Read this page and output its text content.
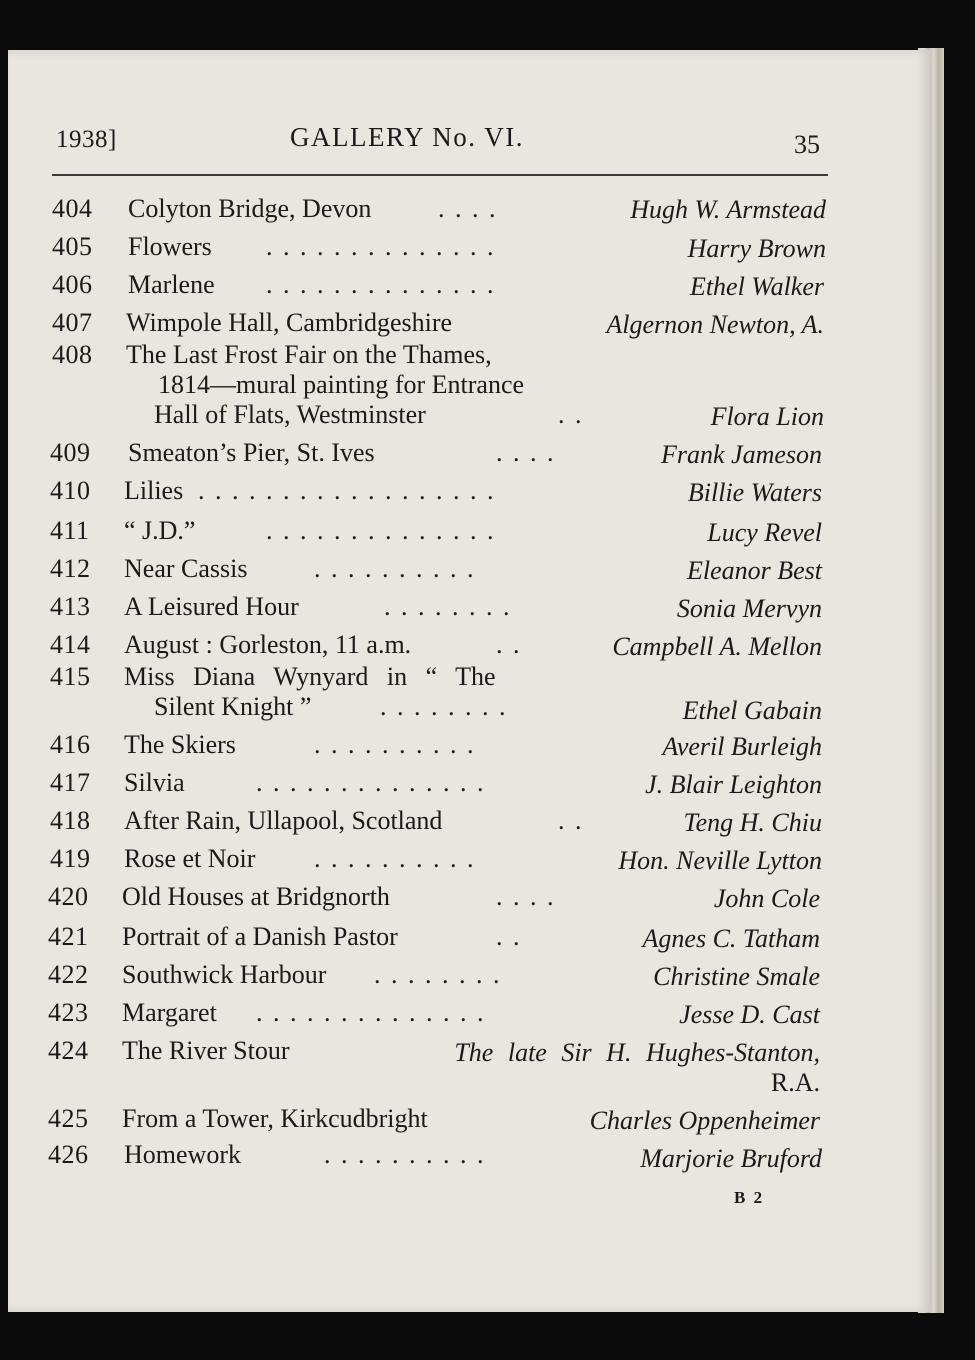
1938]	GALLERY No. VI.	35
404 Colyton Bridge, Devon	. . . .	Hugh W. Armstead
405 Flowers . . . . . . . . . . . . . .	Harry Brown
406 Marlene . . . . . . . . . . . . . .	Ethel Walker
407 Wimpole Hall, Cambridgeshire	Algernon Newton, A.
408 The Last Frost Fair on the Thames,
1814—mural painting for Entrance
Hall of Flats, Westminster	. .	Flora Lion
409 Smeaton’s Pier, St. Ives	. . . .	Frank Jameson
410 Lilies . . . . . . . . . . . . . . . . . .	Billie Waters
411 “ J.D.”	. . . . . . . . . . . . . .	Lucy Revel
412 Near Cassis	. . . . . . . . . .	Eleanor Best
413 A Leisured Hour	. . . . . . . .	Sonia Mervyn
414 August : Gorleston, 11 a.m.	. .	Campbell A. Mellon
415 Miss Diana Wynyard in “ The
Silent Knight ”	. . . . . . . .	Ethel Gabain
416 The Skiers	. . . . . . . . . .	Averil Burleigh
417 Silvia	. . . . . . . . . . . . . .	J. Blair Leighton
418 After Rain, Ullapool, Scotland	. .	Teng H. Chiu
419 Rose et Noir . . . . . . . . . .	Hon. Neville Lytton
420 Old Houses at Bridgnorth	. . . .	John Cole
421 Portrait of a Danish Pastor	. .	Agnes C. Tatham
422 Southwick Harbour . . . . . . . .	Christine Smale
423 Margaret . . . . . . . . . . . . . .	Jesse D. Cast
424 The River Stour	The late Sir H. Hughes-Stanton,
R.A.
425 From a Tower, Kirkcudbright	Charles Oppenheimer
426 Homework	. . . . . . . . . .	Marjorie Bruford
B 2
